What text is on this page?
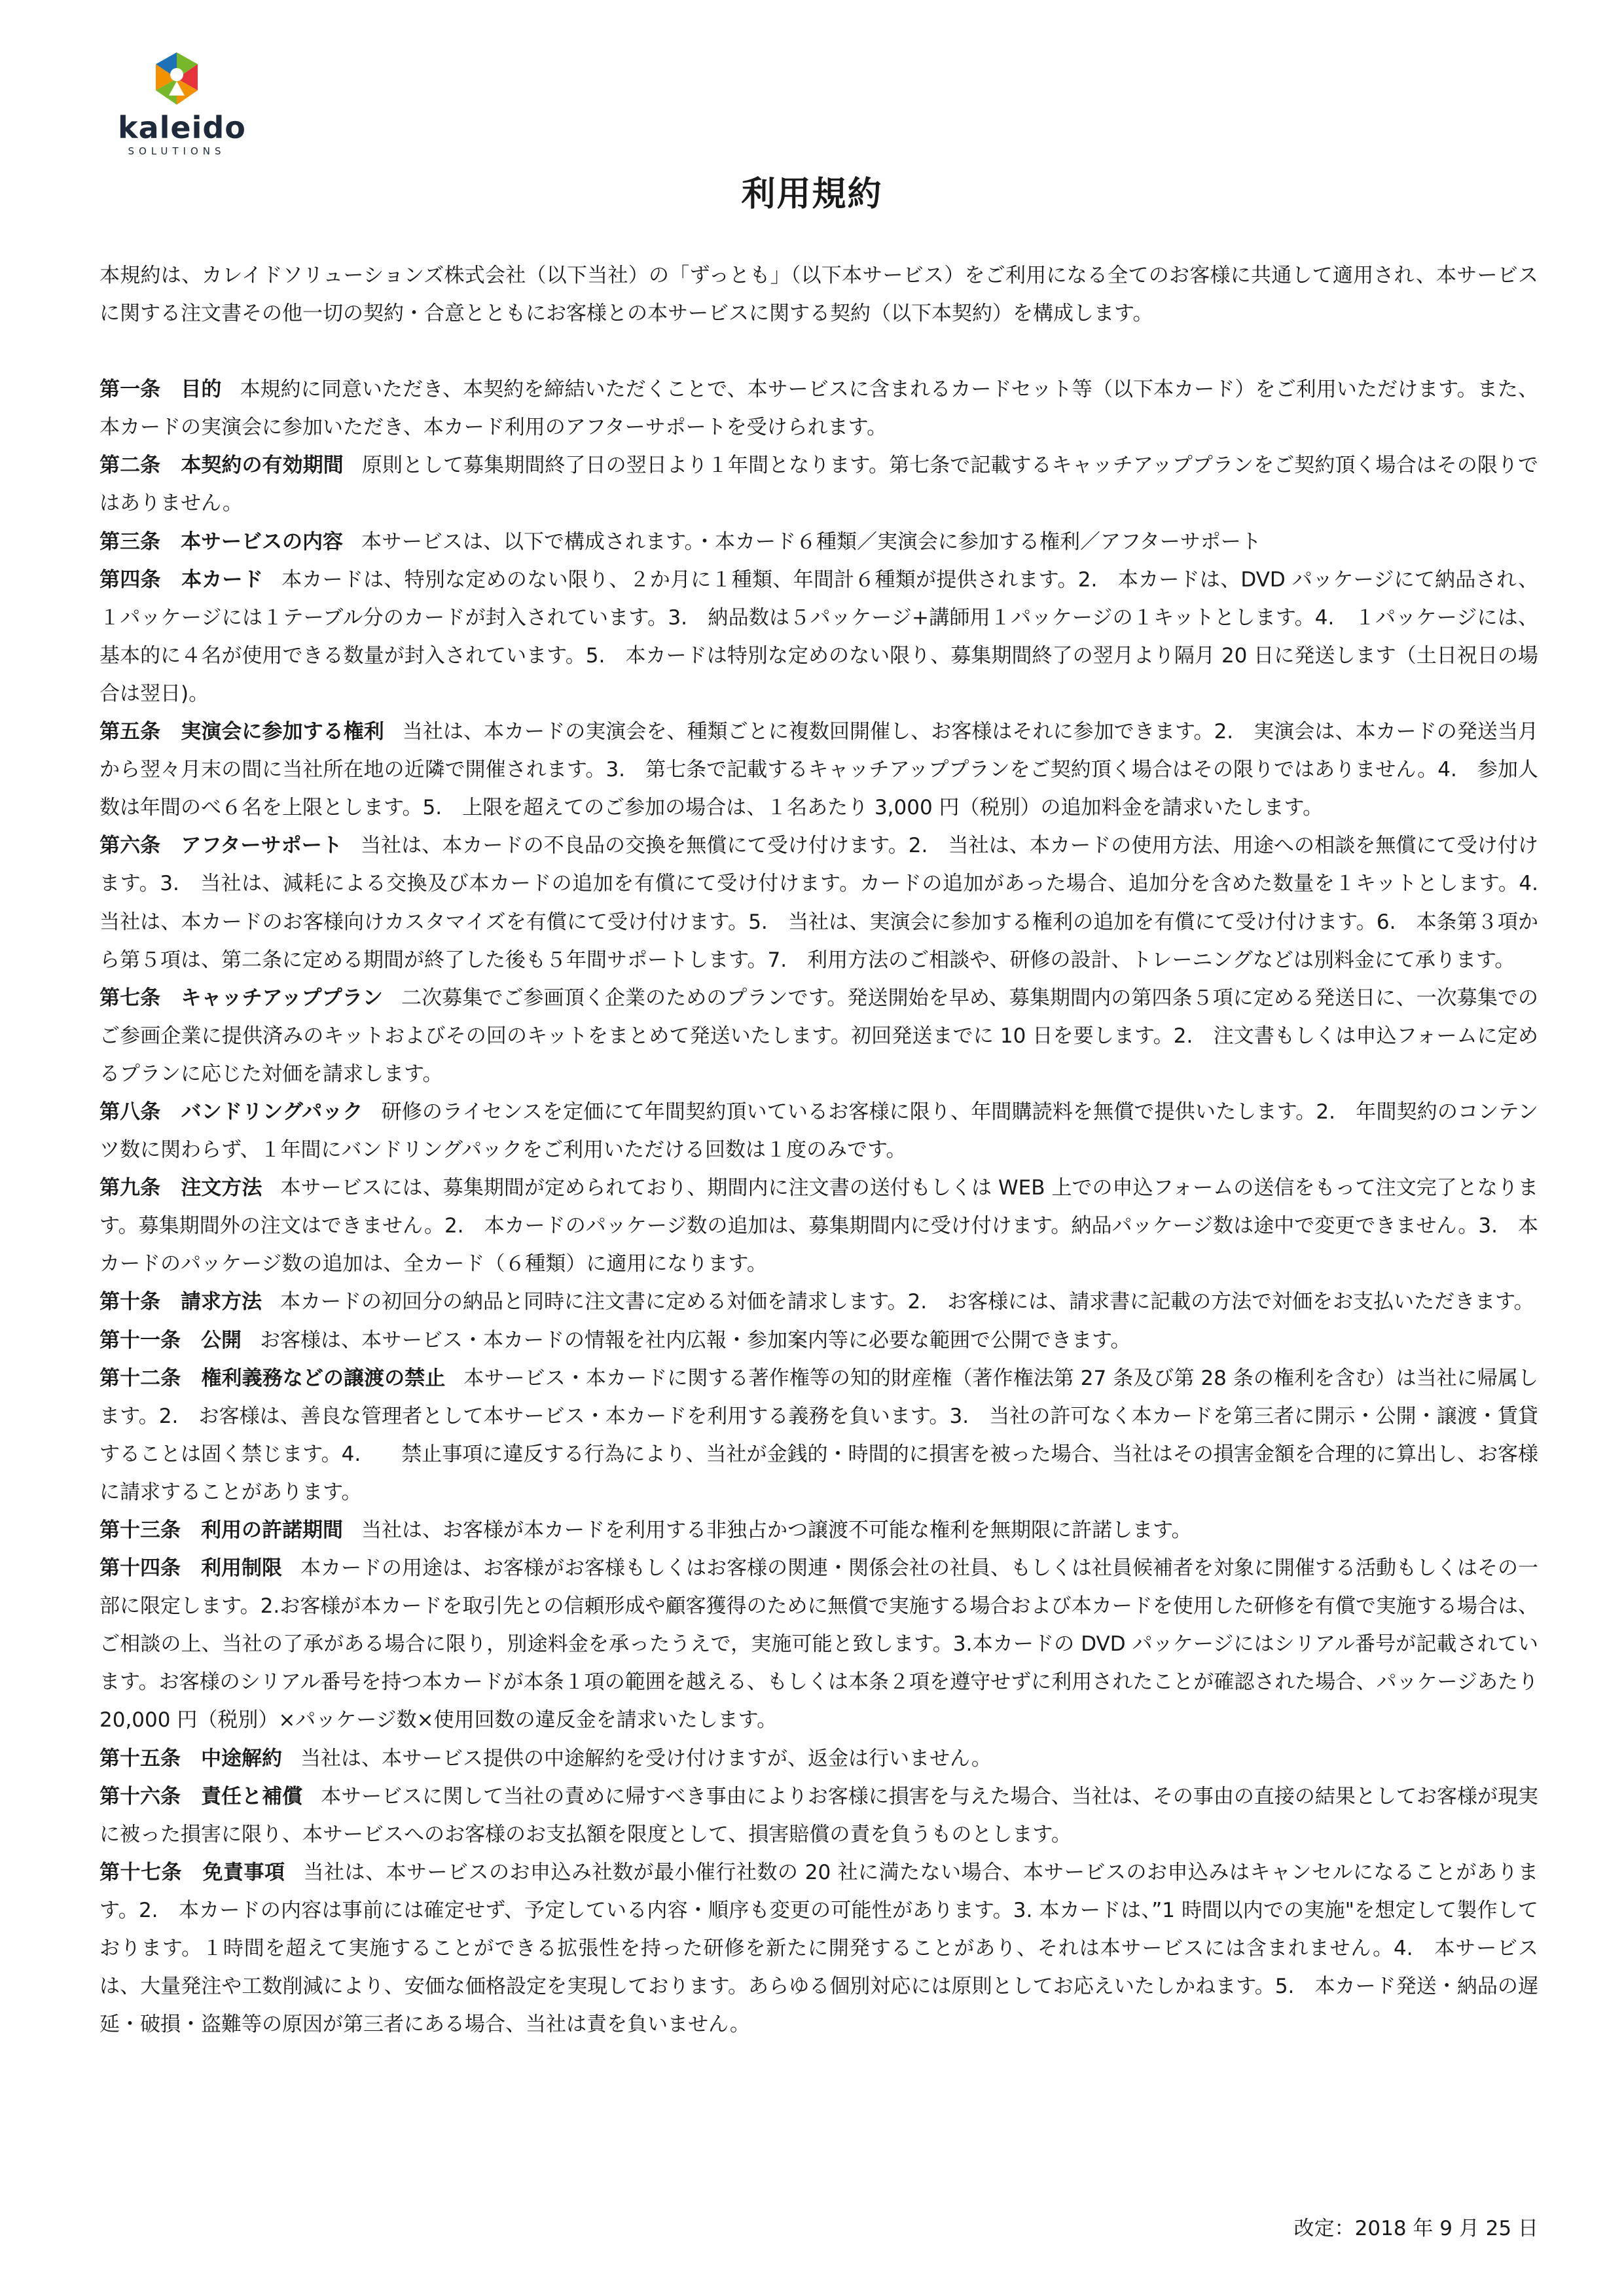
kaleido
SOLUTIONS
利用規約

本規約は、カレイドソリューションズ株式会社（以下当社）の「ずっとも」（以下本サービス）をご利用になる全てのお客様に共通して適用され、本サービスに関する注文書その他一切の契約・合意とともにお客様との本サービスに関する契約（以下本契約）を構成します。

第一条　目的 本規約に同意いただき、本契約を締結いただくことで、本サービスに含まれるカードセット等（以下本カード）をご利用いただけます。また、本カードの実演会に参加いただき、本カード利用のアフターサポートを受けられます。

第二条　本契約の有効期間 原則として募集期間終了日の翌日より１年間となります。第七条で記載するキャッチアッププランをご契約頂く場合はその限りではありません。

第三条　本サービスの内容 本サービスは、以下で構成されます。・本カード６種類／実演会に参加する権利／アフターサポート

第四条　本カード 本カードは、特別な定めのない限り、２か月に１種類、年間計６種類が提供されます。2.　本カードは、DVD パッケージにて納品され、１パッケージには１テーブル分のカードが封入されています。3.　納品数は５パッケージ+講師用１パッケージの１キットとします。4.　１パッケージには、基本的に４名が使用できる数量が封入されています。5.　本カードは特別な定めのない限り、募集期間終了の翌月より隔月 20 日に発送します（土日祝日の場合は翌日)。

第五条　実演会に参加する権利 当社は、本カードの実演会を、種類ごとに複数回開催し、お客様はそれに参加できます。2.　実演会は、本カードの発送当月から翌々月末の間に当社所在地の近隣で開催されます。3.　第七条で記載するキャッチアッププランをご契約頂く場合はその限りではありません。4.　参加人数は年間のべ６名を上限とします。5.　上限を超えてのご参加の場合は、１名あたり 3,000 円（税別）の追加料金を請求いたします。

第六条　アフターサポート 当社は、本カードの不良品の交換を無償にて受け付けます。2.　当社は、本カードの使用方法、用途への相談を無償にて受け付けます。3.　当社は、減耗による交換及び本カードの追加を有償にて受け付けます。カードの追加があった場合、追加分を含めた数量を１キットとします。4.　当社は、本カードのお客様向けカスタマイズを有償にて受け付けます。5.　当社は、実演会に参加する権利の追加を有償にて受け付けます。6.　本条第３項から第５項は、第二条に定める期間が終了した後も５年間サポートします。7.　利用方法のご相談や、研修の設計、トレーニングなどは別料金にて承ります。

第七条　キャッチアッププラン 二次募集でご参画頂く企業のためのプランです。発送開始を早め、募集期間内の第四条５項に定める発送日に、一次募集でのご参画企業に提供済みのキットおよびその回のキットをまとめて発送いたします。初回発送までに 10 日を要します。2.　注文書もしくは申込フォームに定めるプランに応じた対価を請求します。

第八条　バンドリングパック 研修のライセンスを定価にて年間契約頂いているお客様に限り、年間購読料を無償で提供いたします。2.　年間契約のコンテンツ数に関わらず、１年間にバンドリングパックをご利用いただける回数は１度のみです。

第九条　注文方法 本サービスには、募集期間が定められており、期間内に注文書の送付もしくは WEB 上での申込フォームの送信をもって注文完了となります。募集期間外の注文はできません。2.　本カードのパッケージ数の追加は、募集期間内に受け付けます。納品パッケージ数は途中で変更できません。3.　本カードのパッケージ数の追加は、全カード（６種類）に適用になります。

第十条　請求方法 本カードの初回分の納品と同時に注文書に定める対価を請求します。2.　お客様には、請求書に記載の方法で対価をお支払いただきます。

第十一条　公開 お客様は、本サービス・本カードの情報を社内広報・参加案内等に必要な範囲で公開できます。

第十二条　権利義務などの譲渡の禁止 本サービス・本カードに関する著作権等の知的財産権（著作権法第 27 条及び第 28 条の権利を含む）は当社に帰属します。2.　お客様は、善良な管理者として本サービス・本カードを利用する義務を負います。3.　当社の許可なく本カードを第三者に開示・公開・譲渡・賃貸することは固く禁じます。4.　　禁止事項に違反する行為により、当社が金銭的・時間的に損害を被った場合、当社はその損害金額を合理的に算出し、お客様に請求することがあります。

第十三条　利用の許諾期間 当社は、お客様が本カードを利用する非独占かつ譲渡不可能な権利を無期限に許諾します。

第十四条　利用制限 本カードの用途は、お客様がお客様もしくはお客様の関連・関係会社の社員、もしくは社員候補者を対象に開催する活動もしくはその一部に限定します。2.お客様が本カードを取引先との信頼形成や顧客獲得のために無償で実施する場合および本カードを使用した研修を有償で実施する場合は、ご相談の上、当社の了承がある場合に限り，別途料金を承ったうえで，実施可能と致します。3.本カードの DVD パッケージにはシリアル番号が記載されています。お客様のシリアル番号を持つ本カードが本条１項の範囲を越える、もしくは本条２項を遵守せずに利用されたことが確認された場合、パッケージあたり 20,000 円（税別）×パッケージ数×使用回数の違反金を請求いたします。

第十五条　中途解約 当社は、本サービス提供の中途解約を受け付けますが、返金は行いません。

第十六条　責任と補償 本サービスに関して当社の責めに帰すべき事由によりお客様に損害を与えた場合、当社は、その事由の直接の結果としてお客様が現実に被った損害に限り、本サービスへのお客様のお支払額を限度として、損害賠償の責を負うものとします。

第十七条　免責事項 当社は、本サービスのお申込み社数が最小催行社数の 20 社に満たない場合、本サービスのお申込みはキャンセルになることがあります。2.　本カードの内容は事前には確定せず、予定している内容・順序も変更の可能性があります。3. 本カードは、”1 時間以内での実施"を想定して製作しております。１時間を超えて実施することができる拡張性を持った研修を新たに開発することがあり、それは本サービスには含まれません。4.　本サービスは、大量発注や工数削減により、安価な価格設定を実現しております。あらゆる個別対応には原則としてお応えいたしかねます。5.　本カード発送・納品の遅延・破損・盗難等の原因が第三者にある場合、当社は責を負いません。

改定：2018 年 9 月 25 日
